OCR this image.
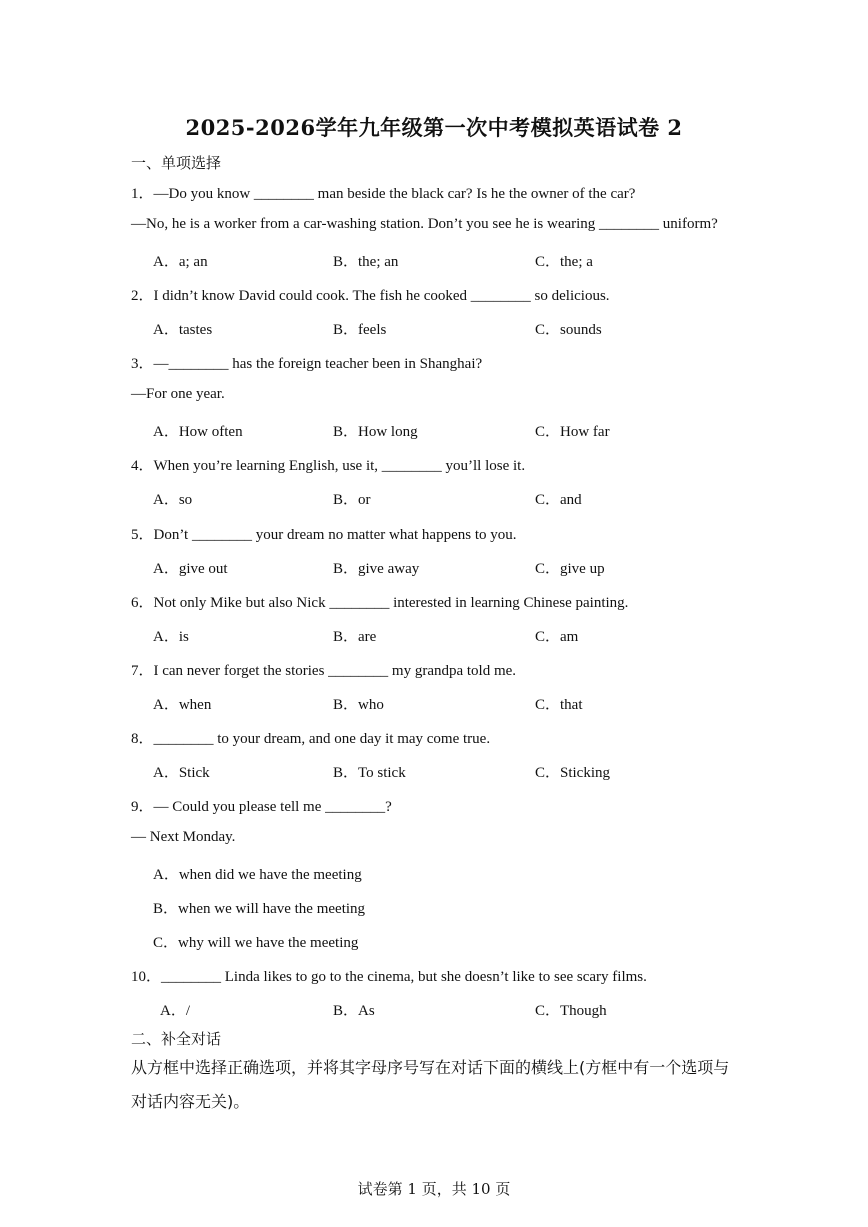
2025-2026学年九年级第一次中考模拟英语试卷 2
一、单项选择
1．—Do you know ________ man beside the black car? Is he the owner of the car?
—No, he is a worker from a car-washing station. Don’t you see he is wearing ________ uniform?
A．a; an	B．the; an	C．the; a
2．I didn’t know David could cook. The fish he cooked ________ so delicious.
A．tastes	B．feels	C．sounds
3．—________ has the foreign teacher been in Shanghai?
—For one year.
A．How often	B．How long	C．How far
4．When you’re learning English, use it, ________ you’ll lose it.
A．so	B．or	C．and
5．Don’t ________ your dream no matter what happens to you.
A．give out	B．give away	C．give up
6．Not only Mike but also Nick ________ interested in learning Chinese painting.
A．is	B．are	C．am
7．I can never forget the stories ________ my grandpa told me.
A．when	B．who	C．that
8．________ to your dream, and one day it may come true.
A．Stick	B．To stick	C．Sticking
9．— Could you please tell me ________?
— Next Monday.
A．when did we have the meeting
B．when we will have the meeting
C．why will we have the meeting
10．________ Linda likes to go to the cinema, but she doesn’t like to see scary films.
A．/	B．As	C．Though
二、补全对话
从方框中选择正确选项，并将其字母序号写在对话下面的横线上(方框中有一个选项与对话内容无关)。
试卷第 1 页，共 10 页
